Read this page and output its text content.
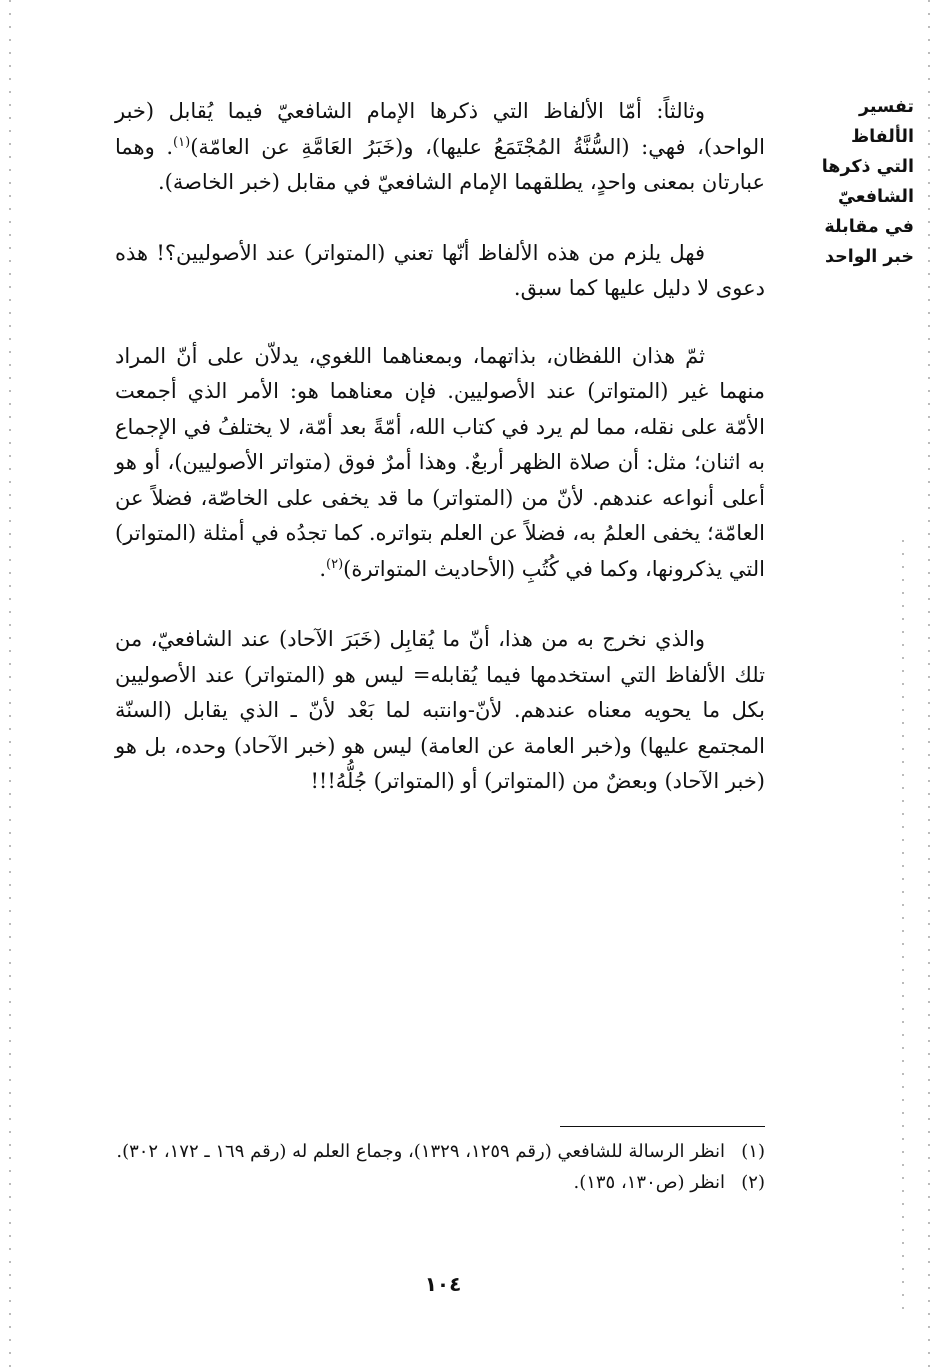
تفسير الألفاظ التي ذكرها الشافعيّ في مقابلة خبر الواحد

وثالثاً: أمّا الألفاظ التي ذكرها الإمام الشافعيّ فيما يُقابل (خبر الواحد)، فهي: (السُّنَّةُ المُجْتَمَعُ عليها)، و(خَبَرُ العَامَّةِ عن العامّة)$^{(١)}$. وهما عبارتان بمعنى واحدٍ، يطلقهما الإمام الشافعيّ في مقابل (خبر الخاصة).

فهل يلزم من هذه الألفاظ أنّها تعني (المتواتر) عند الأصوليين؟! هذه دعوى لا دليل عليها كما سبق.

ثمّ هذان اللفظان، بذاتهما، وبمعناهما اللغوي، يدلاّن على أنّ المراد منهما غير (المتواتر) عند الأصوليين. فإن معناهما هو: الأمر الذي أجمعت الأمّة على نقله، مما لم يرد في كتاب الله، أمّةً بعد أمّة، لا يختلفُ في الإجماع به اثنان؛ مثل: أن صلاة الظهر أربعٌ. وهذا أمرٌ فوق (متواتر الأصوليين)، أو هو أعلى أنواعه عندهم. لأنّ من (المتواتر) ما قد يخفى على الخاصّة، فضلاً عن العامّة؛ يخفى العلمُ به، فضلاً عن العلم بتواتره. كما تجدُه في أمثلة (المتواتر) التي يذكرونها، وكما في كُتُبِ (الأحاديث المتواترة)$^{(٢)}$.

والذي نخرج به من هذا، أنّ ما يُقابِل (خَبَرَ الآحاد) عند الشافعيّ، من تلك الألفاظ التي استخدمها فيما يُقابله= ليس هو (المتواتر) عند الأصوليين بكل ما يحويه معناه عندهم. لأنّ-وانتبه لما بَعْد لأنّ ـ الذي يقابل (السنّة المجتمع عليها) و(خبر العامة عن العامة) ليس هو (خبر الآحاد) وحده، بل هو (خبر الآحاد) وبعضٌ من (المتواتر) أو (المتواتر) جُلُّهُ!!!

(١)
انظر الرسالة للشافعي (رقم ١٢٥٩، ١٣٢٩)، وجماع العلم له (رقم ١٦٩ ـ ١٧٢، ٣٠٢).
(٢)
انظر (ص١٣٠، ١٣٥).
١٠٤
